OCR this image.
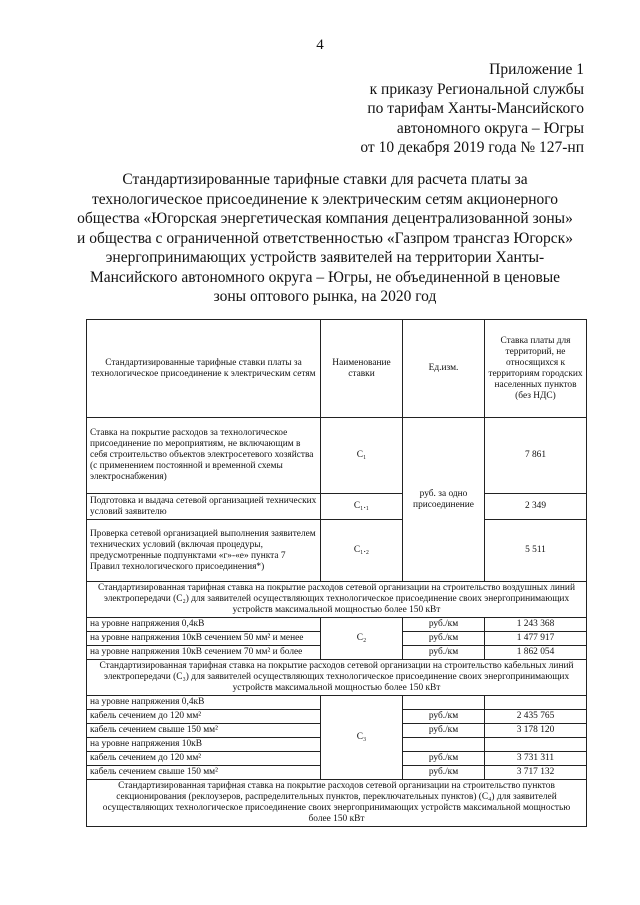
4
Приложение 1
к приказу Региональной службы
по тарифам Ханты-Мансийского
автономного округа – Югры
от 10 декабря 2019 года № 127-нп
Стандартизированные тарифные ставки для расчета платы за
технологическое присоединение к электрическим сетям акционерного
общества «Югорская энергетическая компания децентрализованной зоны»
и общества с ограниченной ответственностью «Газпром трансгаз Югорск»
энергопринимающих устройств заявителей на территории Ханты-
Мансийского автономного округа – Югры, не объединенной в ценовые
зоны оптового рынка, на 2020 год
Стандартизированные тарифные ставки платы за технологическое присоединение к электрическим сетям	Наименование ставки	Ед.изм.	Ставка платы для территорий, не относящихся к территориям городских населенных пунктов (без НДС)
Ставка на покрытие расходов за технологическое присоединение по мероприятиям, не включающим в себя строительство объектов электросетевого хозяйства (с применением постоянной и временной схемы электроснабжения)	C₁	руб. за одно присоединение	7 861
Подготовка и выдача сетевой организацией технических условий заявителю	C₁.₁		2 349
Проверка сетевой организацией выполнения заявителем технических условий (включая процедуры, предусмотренные подпунктами «г»-«е» пункта 7 Правил технологического присоединения*)	C₁.₂		5 511
Стандартизированная тарифная ставка на покрытие расходов сетевой организации на строительство воздушных линий электропередачи (C₂) для заявителей осуществляющих технологическое присоединение своих энергопринимающих устройств максимальной мощностью более 150 кВт			
на уровне напряжения 0,4кВ	C₂	руб./км	1 243 368
на уровне напряжения 10кВ сечением 50 мм² и менее		руб./км	1 477 917
на уровне напряжения 10кВ сечением 70 мм² и более		руб./км	1 862 054
Стандартизированная тарифная ставка на покрытие расходов сетевой организации на строительство кабельных линий электропередачи (C₃) для заявителей осуществляющих технологическое присоединение своих энергопринимающих устройств максимальной мощностью более 150 кВт			
на уровне напряжения 0,4кВ	C₃		
кабель сечением до 120 мм²		руб./км	2 435 765
кабель сечением свыше 150 мм²		руб./км	3 178 120
на уровне напряжения 10кВ			
кабель сечением до 120 мм²		руб./км	3 731 311
кабель сечением свыше 150 мм²		руб./км	3 717 132
Стандартизированная тарифная ставка на покрытие расходов сетевой организации на строительство пунктов секционирования (реклоузеров, распределительных пунктов, переключательных пунктов) (C₄) для заявителей осуществляющих технологическое присоединение своих энергопринимающих устройств максимальной мощностью более 150 кВт			
